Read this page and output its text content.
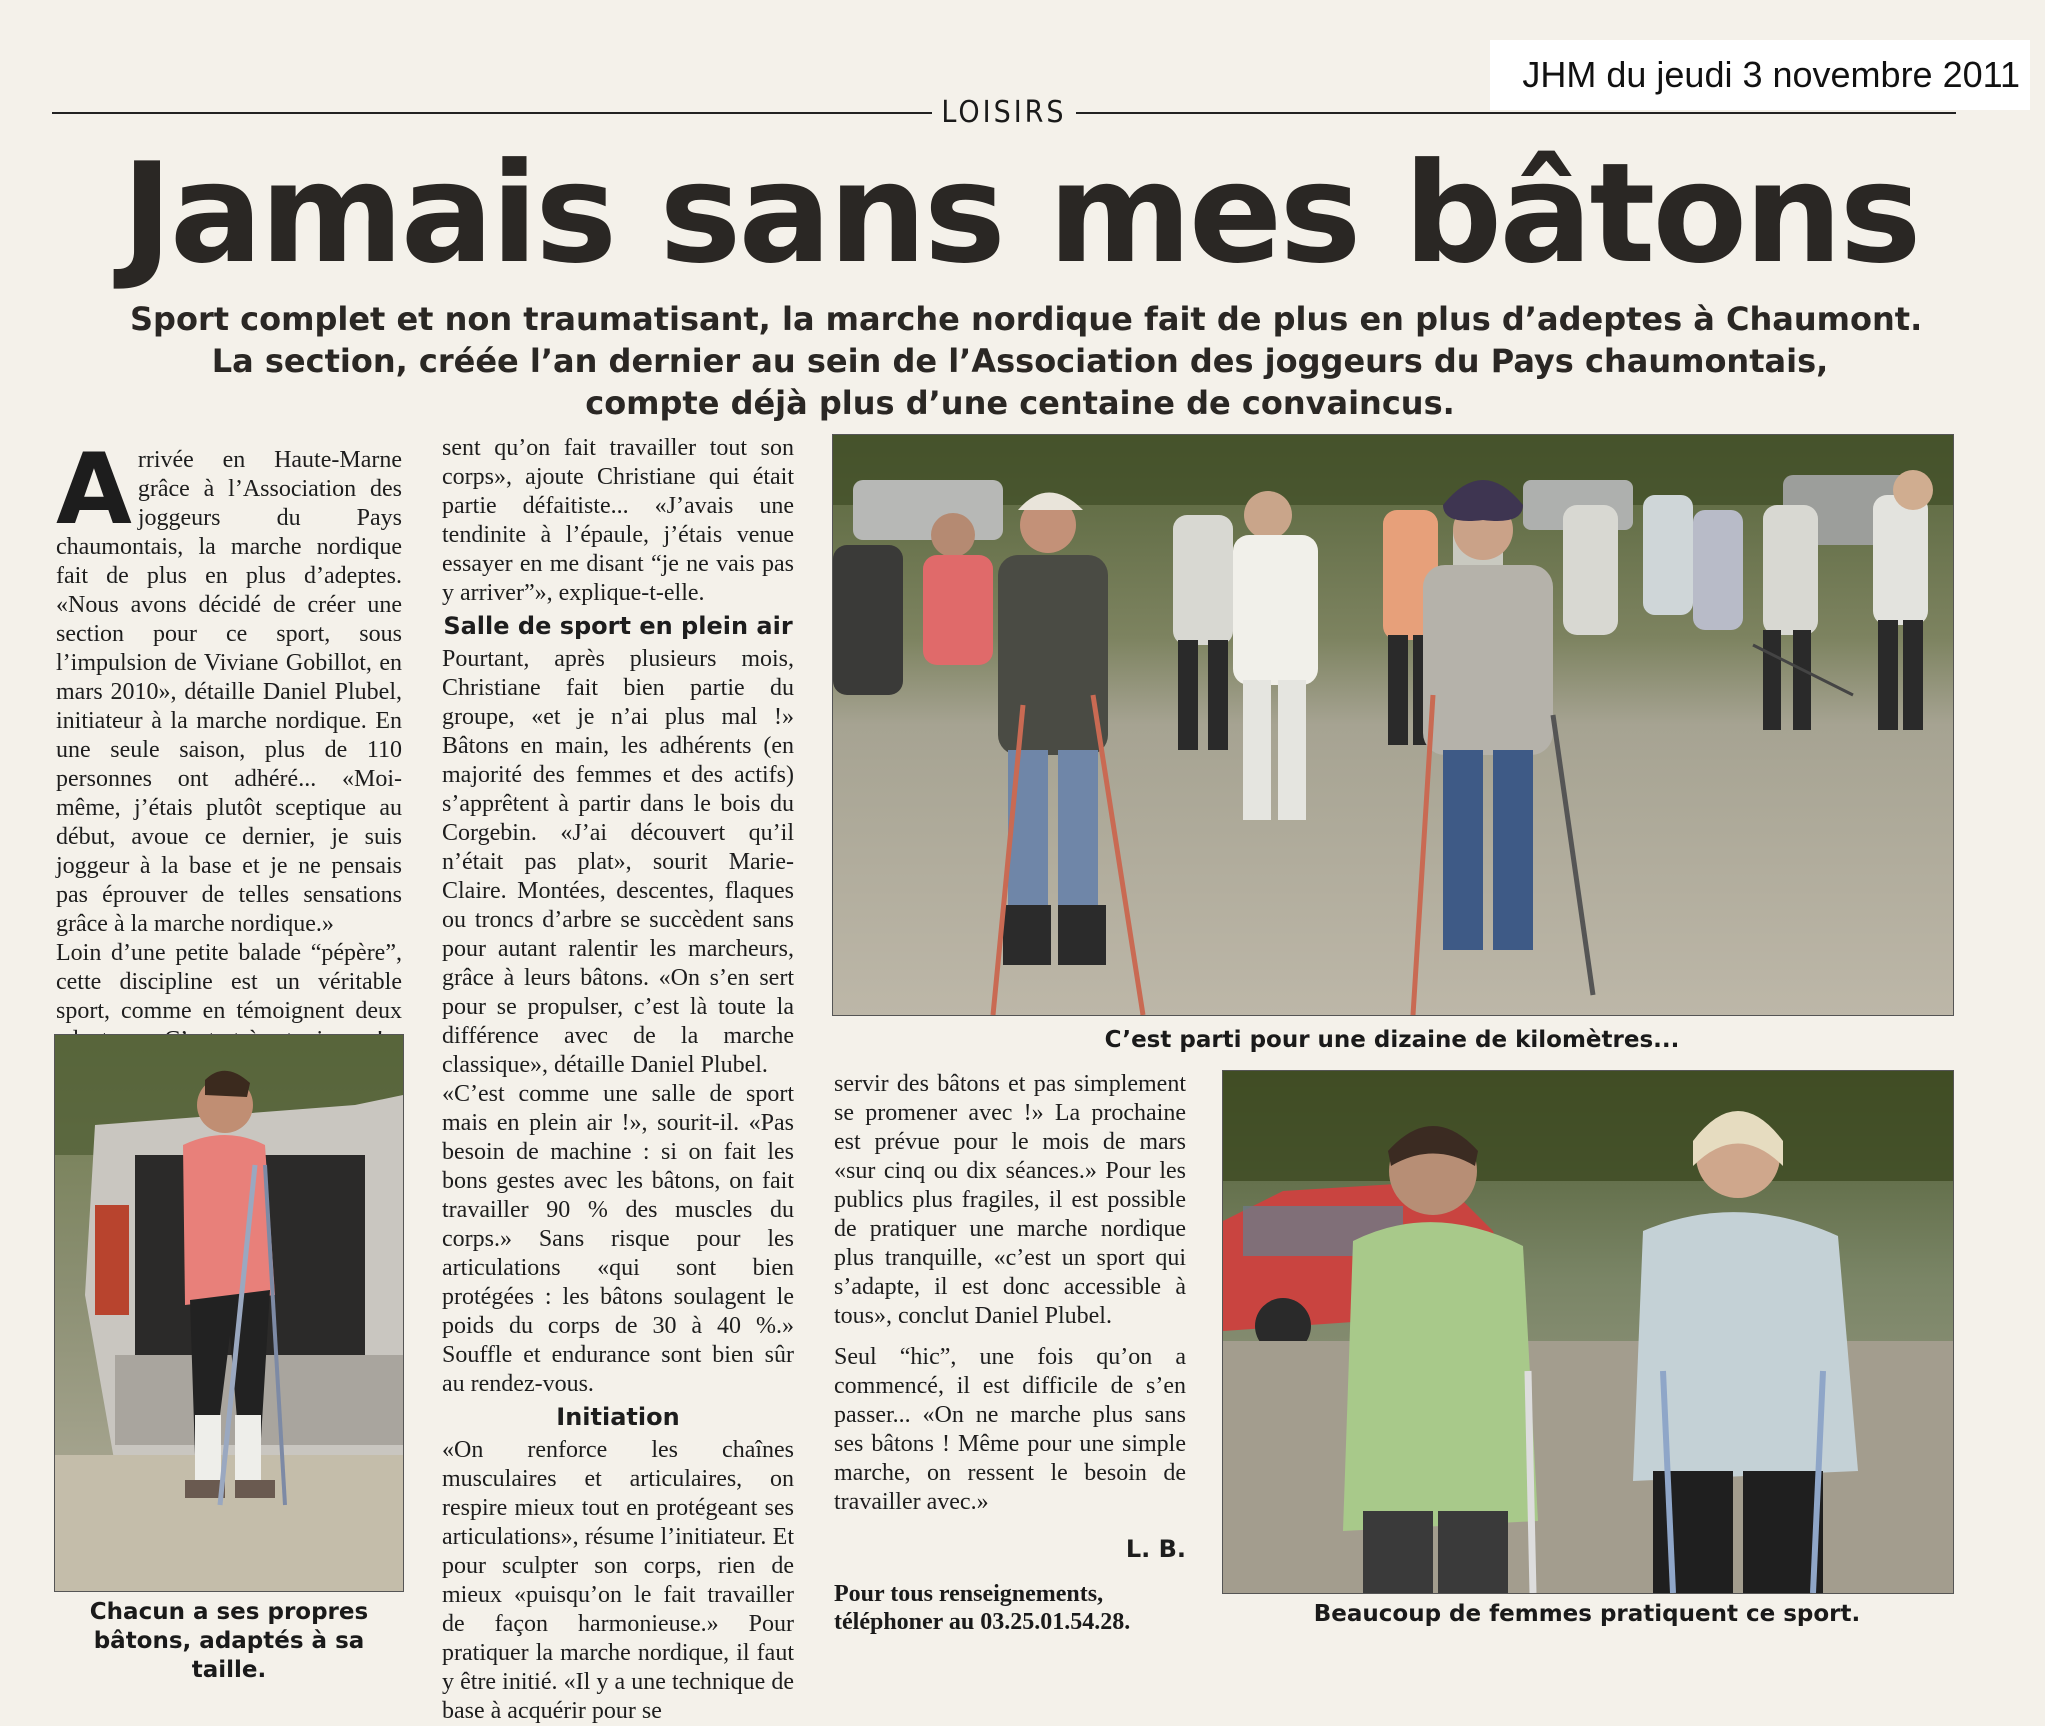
JHM du jeudi 3 novembre 2011
LOISIRS
Jamais sans mes bâtons
Sport complet et non traumatisant, la marche nordique fait de plus en plus d’adeptes à Chaumont.
La section, créée l’an dernier au sein de l’Association des joggeurs du Pays chaumontais,
compte déjà plus d’une centaine de convaincus.
A rrivée en Haute-Marne grâce à l’Association des joggeurs du Pays chaumontais, la marche nordique fait de plus en plus d’adeptes. «Nous avons décidé de créer une section pour ce sport, sous l’impulsion de Viviane Gobillot, en mars 2010», détaille Daniel Plubel, initiateur à la marche nordique. En une seule saison, plus de 110 personnes ont adhéré... «Moi-même, j’étais plutôt sceptique au début, avoue ce dernier, je suis joggeur à la base et je ne pensais pas éprouver de telles sensations grâce à la marche nordique.»

Loin d’une petite balade “pépère”, cette discipline est un véritable sport, comme en témoignent deux

Chacun a ses propres bâtons, adaptés à sa taille.

sent qu’on fait travailler tout son corps», ajoute Christiane qui était partie défaitiste... «J’avais une tendinite à l’épaule, j’étais venue essayer en me disant “je ne vais pas y arriver”», explique-t-elle.

Salle de sport en plein air

Pourtant, après plusieurs mois, Christiane fait bien partie du groupe, «et je n’ai plus mal !» Bâtons en main, les adhérents (en majorité des femmes et des actifs) s’apprêtent à partir dans le bois du Corgebin. «J’ai découvert qu’il n’était pas plat», sourit Marie-Claire. Montées, descentes, flaques ou troncs d’arbre se succèdent sans pour autant ralentir les marcheurs, grâce à leurs bâtons. «On s’en sert pour se propulser, c’est là toute la différence avec de la marche classique», détaille Daniel Plubel.

«C’est comme une salle de sport mais en plein air !», sourit-il. «Pas besoin de machine : si on fait les bons gestes avec les bâtons, on fait travailler 90 % des muscles du corps.» Sans risque pour les articulations «qui sont bien protégées : les bâtons soulagent le poids du corps de 30 à 40 %.» Souffle et endurance sont bien sûr au rendez-vous.

Initiation

«On renforce les chaînes musculaires et articulaires, on respire mieux tout en protégeant ses articulations», résume l’initiateur. Et pour sculpter son corps, rien de mieux «puisqu’on le fait travailler de façon harmonieuse.» Pour pratiquer la marche nordique, il faut y être initié. «Il y a une technique de base à acquérir pour se

C’est parti pour une dizaine de kilomètres...

servir des bâtons et pas simplement se promener avec !» La prochaine est prévue pour le mois de mars «sur cinq ou dix séances.» Pour les publics plus fragiles, il est possible de pratiquer une marche nordique plus tranquille, «c’est un sport qui s’adapte, il est donc accessible à tous», conclut Daniel Plubel.

Seul “hic”, une fois qu’on a commencé, il est difficile de s’en passer... «On ne marche plus sans ses bâtons ! Même pour une simple marche, on ressent le besoin de travailler avec.»

L. B.
Pour tous renseignements, téléphoner au 03.25.01.54.28.	Beaucoup de femmes pratiquent ce sport.
